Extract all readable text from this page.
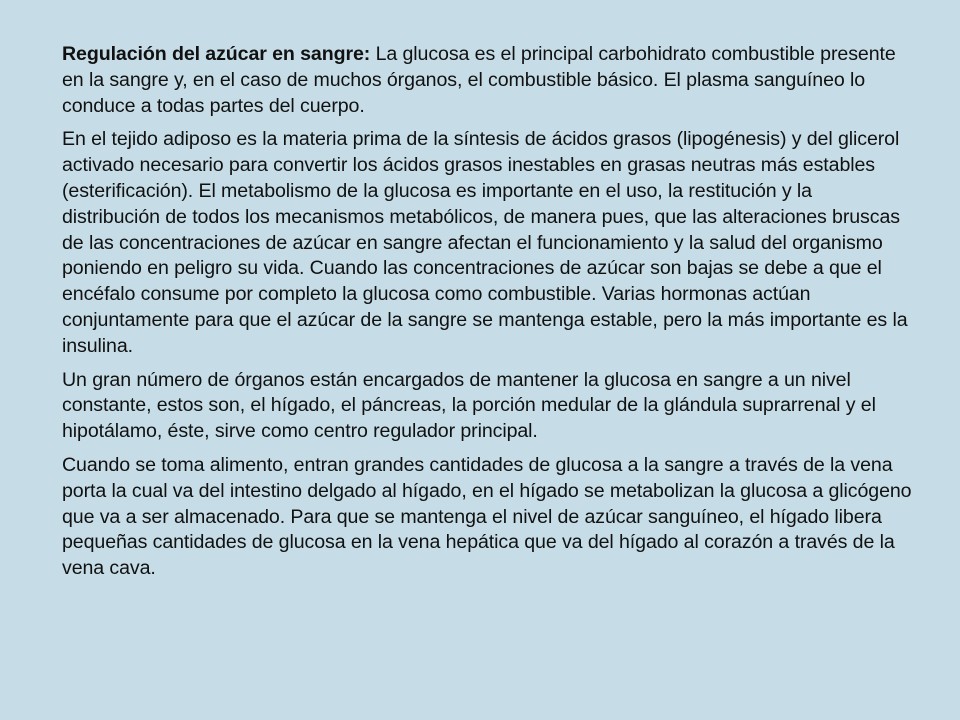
Regulación del azúcar en sangre: La glucosa es el principal carbohidrato combustible presente en la sangre y, en el caso de muchos órganos, el combustible básico. El plasma sanguíneo lo conduce a todas partes del cuerpo.

En el tejido adiposo es la materia prima de la síntesis de ácidos grasos (lipogénesis) y del glicerol activado necesario para convertir los ácidos grasos inestables en grasas neutras más estables (esterificación). El metabolismo de la glucosa es importante en el uso, la restitución y la distribución de todos los mecanismos metabólicos, de manera pues, que las alteraciones bruscas de las concentraciones de azúcar en sangre afectan el funcionamiento y la salud del organismo poniendo en peligro su vida. Cuando las concentraciones de azúcar son bajas se debe a que el encéfalo consume por completo la glucosa como combustible. Varias hormonas actúan conjuntamente para que el azúcar de la sangre se mantenga estable, pero la más importante es la insulina.

Un gran número de órganos están encargados de mantener la glucosa en sangre a un nivel constante, estos son, el hígado, el páncreas, la porción medular de la glándula suprarrenal y el hipotálamo, éste, sirve como centro regulador principal.

Cuando se toma alimento, entran grandes cantidades de glucosa a la sangre a través de la vena porta la cual va del intestino delgado al hígado, en el hígado se metabolizan la glucosa a glicógeno que va a ser almacenado. Para que se mantenga el nivel de azúcar sanguíneo, el hígado libera pequeñas cantidades de glucosa en la vena hepática que va del hígado al corazón a través de la vena cava.
